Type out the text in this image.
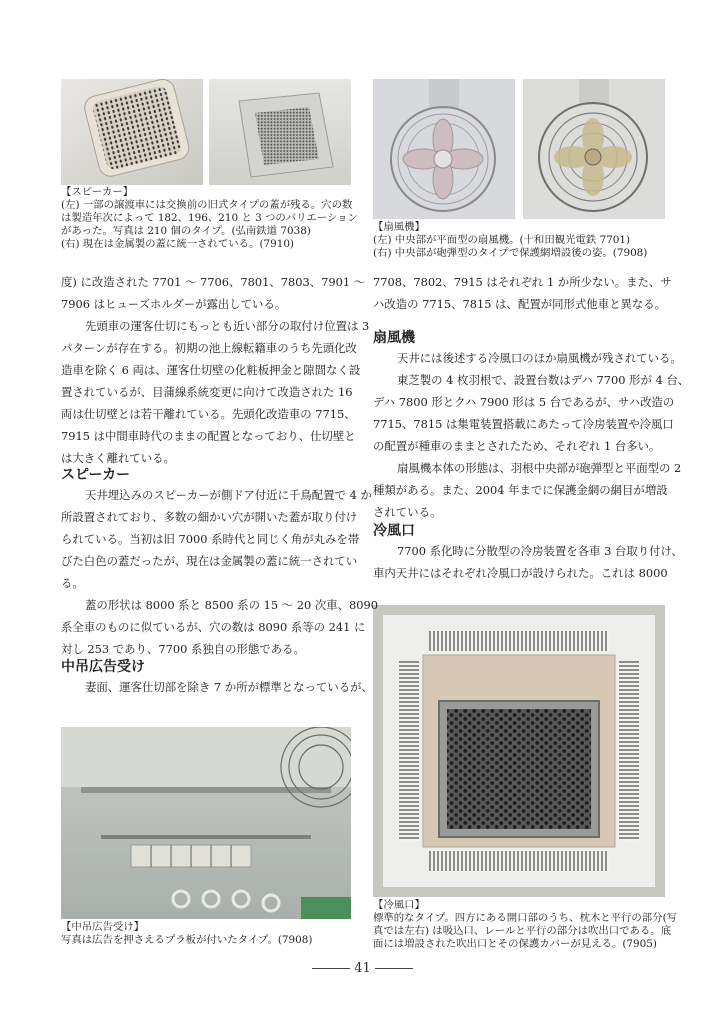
【スピーカー】
(左) 一部の譲渡車には交換前の旧式タイプの蓋が残る。穴の数
は製造年次によって 182、196、210 と 3 つのバリエーション
があった。写真は 210 個のタイプ。(弘南鉄道 7038)
(右) 現在は金属製の蓋に統一されている。(7910)
【扇風機】
(左) 中央部が平面型の扇風機。(十和田観光電鉄 7701)
(右) 中央部が砲弾型のタイプで保護網増設後の姿。(7908)
【中吊広告受け】
写真は広告を押さえるプラ板が付いたタイプ。(7908)
【冷風口】
標準的なタイプ。四方にある開口部のうち、枕木と平行の部分(写
真では左右) は吸込口、レールと平行の部分は吹出口である。底
面には増設された吹出口とその保護カバーが見える。(7905)
度) に改造された 7701 ～ 7706、7801、7803、7901 ～
7906 はヒューズホルダーが露出している。
先頭車の運客仕切にもっとも近い部分の取付け位置は 3
パターンが存在する。初期の池上線転籍車のうち先頭化改
造車を除く 6 両は、運客仕切壁の化粧板押金と隙間なく設
置されているが、目蒲線系統変更に向けて改造された 16
両は仕切壁とは若干離れている。先頭化改造車の 7715、
7915 は中間車時代のままの配置となっており、仕切壁と
は大きく離れている。
スピーカー
天井埋込みのスピーカーが側ドア付近に千鳥配置で 4 か
所設置されており、多数の細かい穴が開いた蓋が取り付け
られている。当初は旧 7000 系時代と同じく角が丸みを帯
びた白色の蓋だったが、現在は金属製の蓋に統一されてい
る。
蓋の形状は 8000 系と 8500 系の 15 ～ 20 次車、8090
系全車のものに似ているが、穴の数は 8090 系等の 241 に
対し 253 であり、7700 系独自の形態である。
中吊広告受け
妻面、運客仕切部を除き 7 か所が標準となっているが、
7708、7802、7915 はそれぞれ 1 か所少ない。また、サ
ハ改造の 7715、7815 は、配置が同形式他車と異なる。
扇風機
天井には後述する冷風口のほか扇風機が残されている。
東芝製の 4 枚羽根で、設置台数はデハ 7700 形が 4 台、
デハ 7800 形とクハ 7900 形は 5 台であるが、サハ改造の
7715、7815 は集電装置搭載にあたって冷房装置や冷風口
の配置が種車のままとされたため、それぞれ 1 台多い。
扇風機本体の形態は、羽根中央部が砲弾型と平面型の 2
種類がある。また、2004 年までに保護金網の網目が増設
されている。
冷風口
7700 系化時に分散型の冷房装置を各車 3 台取り付け、
車内天井にはそれぞれ冷風口が設けられた。これは 8000
41
